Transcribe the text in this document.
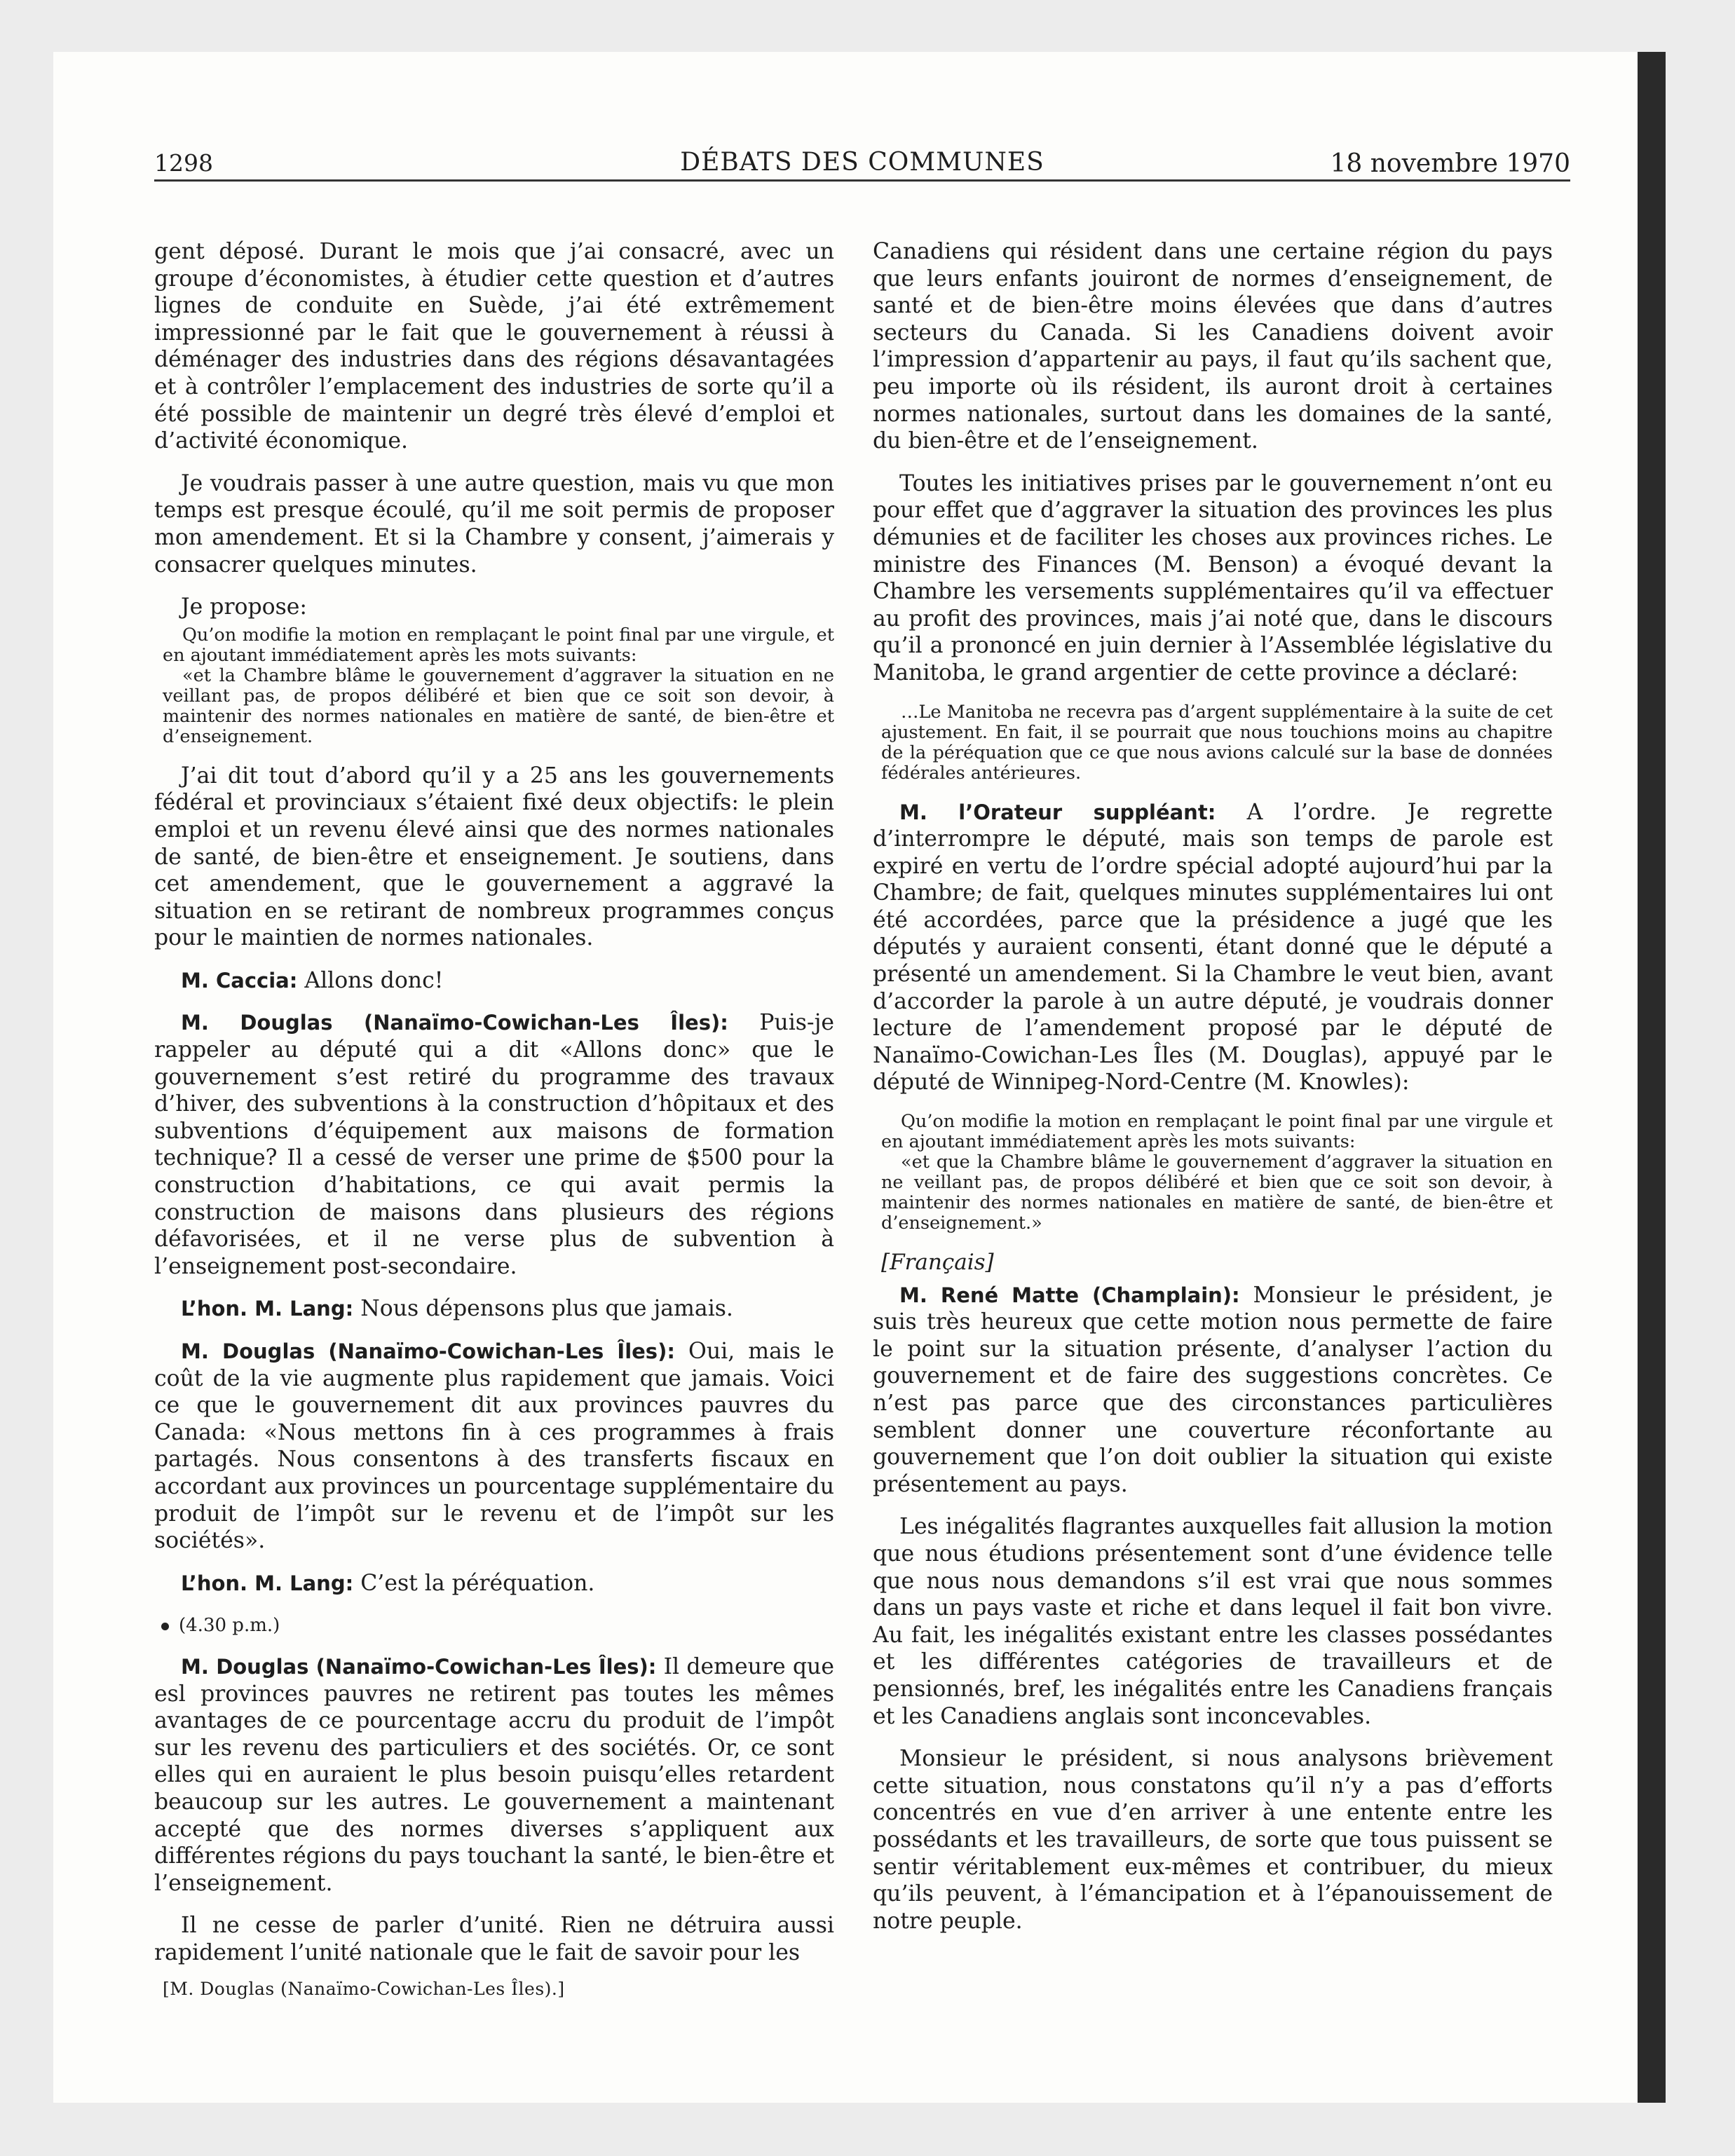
1298	DÉBATS DES COMMUNES	18 novembre 1970

gent déposé. Durant le mois que j’ai consacré, avec un groupe d’économistes, à étudier cette question et d’autres lignes de conduite en Suède, j’ai été extrêmement impressionné par le fait que le gouvernement à réussi à déménager des industries dans des régions désavantagées et à contrôler l’emplacement des industries de sorte qu’il a été possible de maintenir un degré très élevé d’emploi et d’activité économique.

Je voudrais passer à une autre question, mais vu que mon temps est presque écoulé, qu’il me soit permis de proposer mon amendement. Et si la Chambre y consent, j’aimerais y consacrer quelques minutes.

Je propose:

Qu’on modifie la motion en remplaçant le point final par une virgule, et en ajoutant immédiatement après les mots suivants:

«et la Chambre blâme le gouvernement d’aggraver la situation en ne veillant pas, de propos délibéré et bien que ce soit son devoir, à maintenir des normes nationales en matière de santé, de bien-être et d’enseignement.

J’ai dit tout d’abord qu’il y a 25 ans les gouvernements fédéral et provinciaux s’étaient fixé deux objectifs: le plein emploi et un revenu élevé ainsi que des normes nationales de santé, de bien-être et enseignement. Je soutiens, dans cet amendement, que le gouvernement a aggravé la situation en se retirant de nombreux programmes conçus pour le maintien de normes nationales.

M. Caccia: Allons donc!

M. Douglas (Nanaïmo-Cowichan-Les Îles): Puis-je rappeler au député qui a dit «Allons donc» que le gouvernement s’est retiré du programme des travaux d’hiver, des subventions à la construction d’hôpitaux et des subventions d’équipement aux maisons de formation technique? Il a cessé de verser une prime de $500 pour la construction d’habitations, ce qui avait permis la construction de maisons dans plusieurs des régions défavorisées, et il ne verse plus de subvention à l’enseignement post-secondaire.

L’hon. M. Lang: Nous dépensons plus que jamais.

M. Douglas (Nanaïmo-Cowichan-Les Îles): Oui, mais le coût de la vie augmente plus rapidement que jamais. Voici ce que le gouvernement dit aux provinces pauvres du Canada: «Nous mettons fin à ces programmes à frais partagés. Nous consentons à des transferts fiscaux en accordant aux provinces un pourcentage supplémentaire du produit de l’impôt sur le revenu et de l’impôt sur les sociétés».

L’hon. M. Lang: C’est la péréquation.

(4.30 p.m.)

M. Douglas (Nanaïmo-Cowichan-Les Îles): Il demeure que esl provinces pauvres ne retirent pas toutes les mêmes avantages de ce pourcentage accru du produit de l’impôt sur les revenu des particuliers et des sociétés. Or, ce sont elles qui en auraient le plus besoin puisqu’elles retardent beaucoup sur les autres. Le gouvernement a maintenant accepté que des normes diverses s’appliquent aux différentes régions du pays touchant la santé, le bien-être et l’enseignement.

Il ne cesse de parler d’unité. Rien ne détruira aussi rapidement l’unité nationale que le fait de savoir pour les

[M. Douglas (Nanaïmo-Cowichan-Les Îles).]

Canadiens qui résident dans une certaine région du pays que leurs enfants jouiront de normes d’enseignement, de santé et de bien-être moins élevées que dans d’autres secteurs du Canada. Si les Canadiens doivent avoir l’impression d’appartenir au pays, il faut qu’ils sachent que, peu importe où ils résident, ils auront droit à certaines normes nationales, surtout dans les domaines de la santé, du bien-être et de l’enseignement.

Toutes les initiatives prises par le gouvernement n’ont eu pour effet que d’aggraver la situation des provinces les plus démunies et de faciliter les choses aux provinces riches. Le ministre des Finances (M. Benson) a évoqué devant la Chambre les versements supplémentaires qu’il va effectuer au profit des provinces, mais j’ai noté que, dans le discours qu’il a prononcé en juin dernier à l’Assemblée législative du Manitoba, le grand argentier de cette province a déclaré:

…Le Manitoba ne recevra pas d’argent supplémentaire à la suite de cet ajustement. En fait, il se pourrait que nous touchions moins au chapitre de la péréquation que ce que nous avions calculé sur la base de données fédérales antérieures.

M. l’Orateur suppléant: A l’ordre. Je regrette d’interrompre le député, mais son temps de parole est expiré en vertu de l’ordre spécial adopté aujourd’hui par la Chambre; de fait, quelques minutes supplémentaires lui ont été accordées, parce que la présidence a jugé que les députés y auraient consenti, étant donné que le député a présenté un amendement. Si la Chambre le veut bien, avant d’accorder la parole à un autre député, je voudrais donner lecture de l’amendement proposé par le député de Nanaïmo-Cowichan-Les Îles (M. Douglas), appuyé par le député de Winnipeg-Nord-Centre (M. Knowles):

Qu’on modifie la motion en remplaçant le point final par une virgule et en ajoutant immédiatement après les mots suivants:

«et que la Chambre blâme le gouvernement d’aggraver la situation en ne veillant pas, de propos délibéré et bien que ce soit son devoir, à maintenir des normes nationales en matière de santé, de bien-être et d’enseignement.»

[Français]

M. René Matte (Champlain): Monsieur le président, je suis très heureux que cette motion nous permette de faire le point sur la situation présente, d’analyser l’action du gouvernement et de faire des suggestions concrètes. Ce n’est pas parce que des circonstances particulières semblent donner une couverture réconfortante au gouvernement que l’on doit oublier la situation qui existe présentement au pays.

Les inégalités flagrantes auxquelles fait allusion la motion que nous étudions présentement sont d’une évidence telle que nous nous demandons s’il est vrai que nous sommes dans un pays vaste et riche et dans lequel il fait bon vivre. Au fait, les inégalités existant entre les classes possédantes et les différentes catégories de travailleurs et de pensionnés, bref, les inégalités entre les Canadiens français et les Canadiens anglais sont inconcevables.

Monsieur le président, si nous analysons brièvement cette situation, nous constatons qu’il n’y a pas d’efforts concentrés en vue d’en arriver à une entente entre les possédants et les travailleurs, de sorte que tous puissent se sentir véritablement eux-mêmes et contribuer, du mieux qu’ils peuvent, à l’émancipation et à l’épanouissement de notre peuple.
